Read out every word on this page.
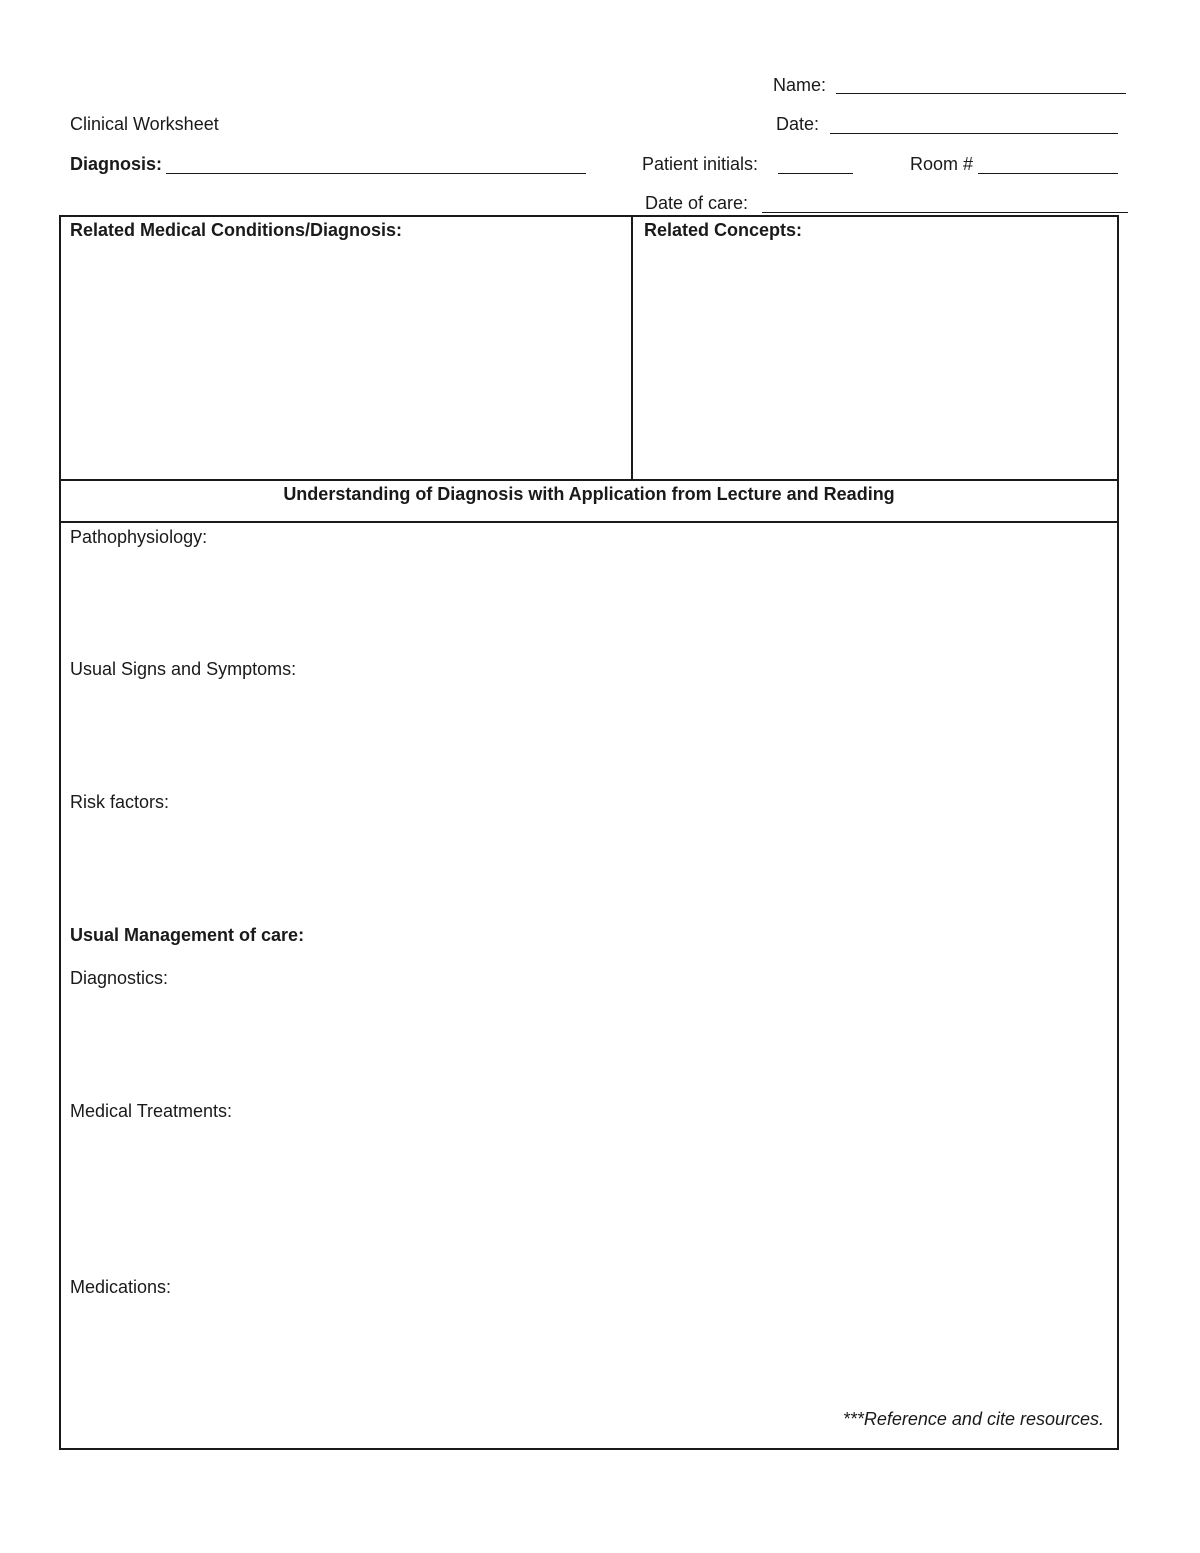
Name:
Clinical Worksheet	Date:
Diagnosis:	Patient initials:	Room #
Date of care:
Related Medical Conditions/Diagnosis:	Related Concepts:
Understanding of Diagnosis with Application from Lecture and Reading
Pathophysiology:
Usual Signs and Symptoms:
Risk factors:
Usual Management of care:
Diagnostics:
Medical Treatments:
Medications:
***Reference and cite resources.
